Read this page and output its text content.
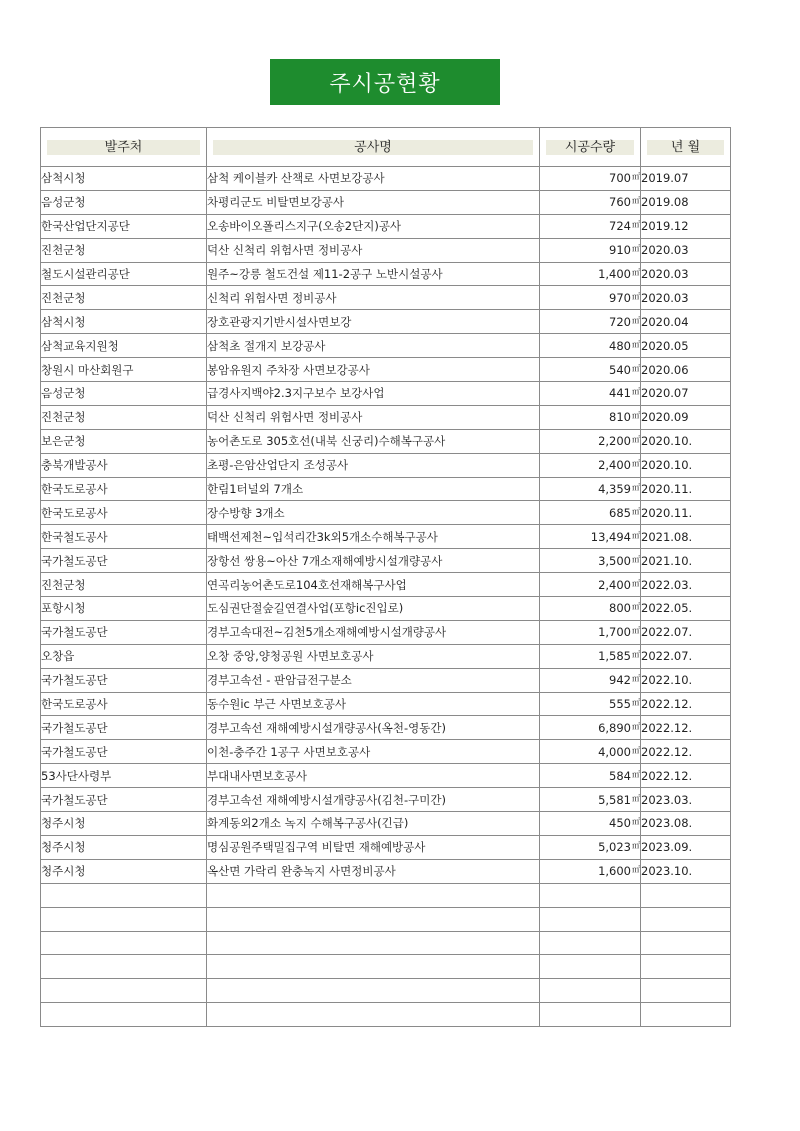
주시공현황
발주처	공사명	시공수량	년 월

삼척시청	삼척 케이블카 산책로 사면보강공사	700㎡	2019.07
음성군청	차평리군도 비탈면보강공사	760㎡	2019.08
한국산업단지공단	오송바이오폴리스지구(오송2단지)공사	724㎡	2019.12
진천군청	덕산 신척리 위험사면 정비공사	910㎡	2020.03
철도시설관리공단	원주~강릉 철도건설 제11-2공구 노반시설공사	1,400㎡	2020.03
진천군청	신척리 위험사면 정비공사	970㎡	2020.03
삼척시청	장호관광지기반시설사면보강	720㎡	2020.04
삼척교육지원청	삼척초 절개지 보강공사	480㎡	2020.05
창원시 마산회원구	봉암유원지 주차장 사면보강공사	540㎡	2020.06
음성군청	급경사지백야2.3지구보수 보강사업	441㎡	2020.07
진천군청	덕산 신척리 위험사면 정비공사	810㎡	2020.09
보은군청	농어촌도로 305호선(내북 신궁리)수해복구공사	2,200㎡	2020.10.
충북개발공사	초평-은암산업단지 조성공사	2,400㎡	2020.10.
한국도로공사	한림1터널외 7개소	4,359㎡	2020.11.
한국도로공사	장수방향 3개소	685㎡	2020.11.
한국철도공사	태백선제천~입석리간3k외5개소수해복구공사	13,494㎡	2021.08.
국가철도공단	장항선 쌍용~아산 7개소재해예방시설개량공사	3,500㎡	2021.10.
진천군청	연곡리농어촌도로104호선재해복구사업	2,400㎡	2022.03.
포항시청	도심권단절숲길연결사업(포항ic진입로)	800㎡	2022.05.
국가철도공단	경부고속대전~김천5개소재해예방시설개량공사	1,700㎡	2022.07.
오창읍	오창 중앙,양청공원 사면보호공사	1,585㎡	2022.07.
국가철도공단	경부고속선 - 판암급전구분소	942㎡	2022.10.
한국도로공사	동수원ic 부근 사면보호공사	555㎡	2022.12.
국가철도공단	경부고속선 재해예방시설개량공사(옥천-영동간)	6,890㎡	2022.12.
국가철도공단	이천-충주간 1공구 사면보호공사	4,000㎡	2022.12.
53사단사령부	부대내사면보호공사	584㎡	2022.12.
국가철도공단	경부고속선 재해예방시설개량공사(김천-구미간)	5,581㎡	2023.03.
청주시청	화계동외2개소 녹지 수해복구공사(긴급)	450㎡	2023.08.
청주시청	명심공원주택밀집구역 비탈면 재해예방공사	5,023㎡	2023.09.
청주시청	옥산면 가락리 완충녹지 사면정비공사	1,600㎡	2023.10.
